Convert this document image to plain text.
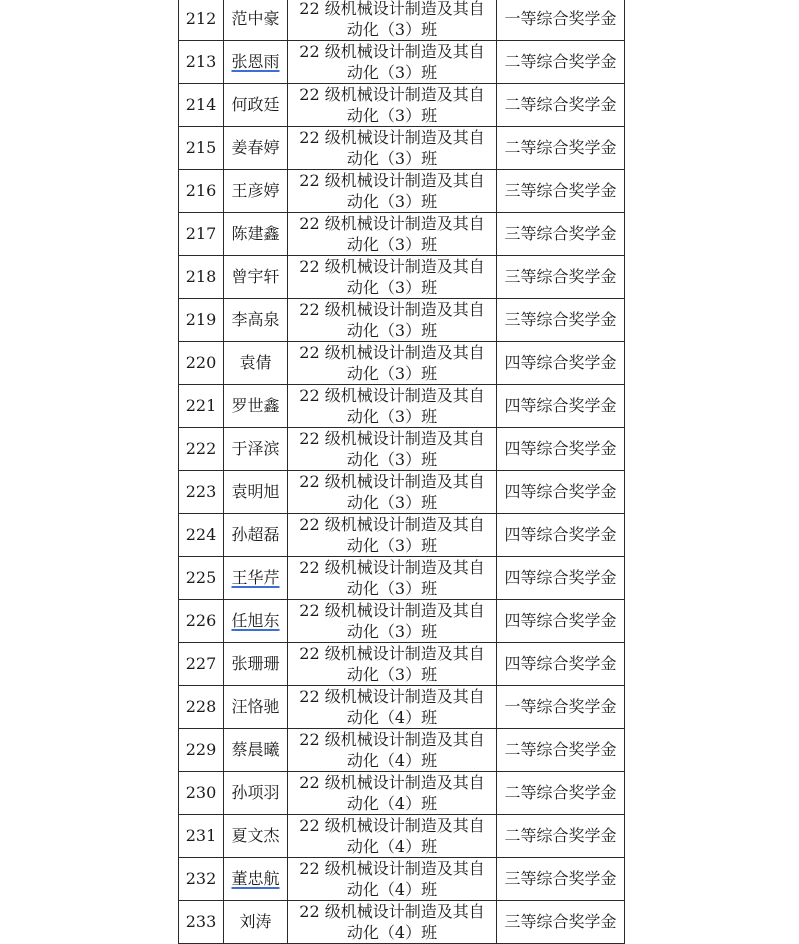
212	范中豪	22 级机械设计制造及其自动化（3）班	一等综合奖学金
213	张恩雨	22 级机械设计制造及其自动化（3）班	二等综合奖学金
214	何政廷	22 级机械设计制造及其自动化（3）班	二等综合奖学金
215	姜春婷	22 级机械设计制造及其自动化（3）班	二等综合奖学金
216	王彦婷	22 级机械设计制造及其自动化（3）班	三等综合奖学金
217	陈建鑫	22 级机械设计制造及其自动化（3）班	三等综合奖学金
218	曾宇轩	22 级机械设计制造及其自动化（3）班	三等综合奖学金
219	李高泉	22 级机械设计制造及其自动化（3）班	三等综合奖学金
220	袁倩	22 级机械设计制造及其自动化（3）班	四等综合奖学金
221	罗世鑫	22 级机械设计制造及其自动化（3）班	四等综合奖学金
222	于泽滨	22 级机械设计制造及其自动化（3）班	四等综合奖学金
223	袁明旭	22 级机械设计制造及其自动化（3）班	四等综合奖学金
224	孙超磊	22 级机械设计制造及其自动化（3）班	四等综合奖学金
225	王华芹	22 级机械设计制造及其自动化（3）班	四等综合奖学金
226	任旭东	22 级机械设计制造及其自动化（3）班	四等综合奖学金
227	张珊珊	22 级机械设计制造及其自动化（3）班	四等综合奖学金
228	汪恪驰	22 级机械设计制造及其自动化（4）班	一等综合奖学金
229	蔡晨曦	22 级机械设计制造及其自动化（4）班	二等综合奖学金
230	孙项羽	22 级机械设计制造及其自动化（4）班	二等综合奖学金
231	夏文杰	22 级机械设计制造及其自动化（4）班	二等综合奖学金
232	董忠航	22 级机械设计制造及其自动化（4）班	三等综合奖学金
233	刘涛	22 级机械设计制造及其自动化（4）班	三等综合奖学金
